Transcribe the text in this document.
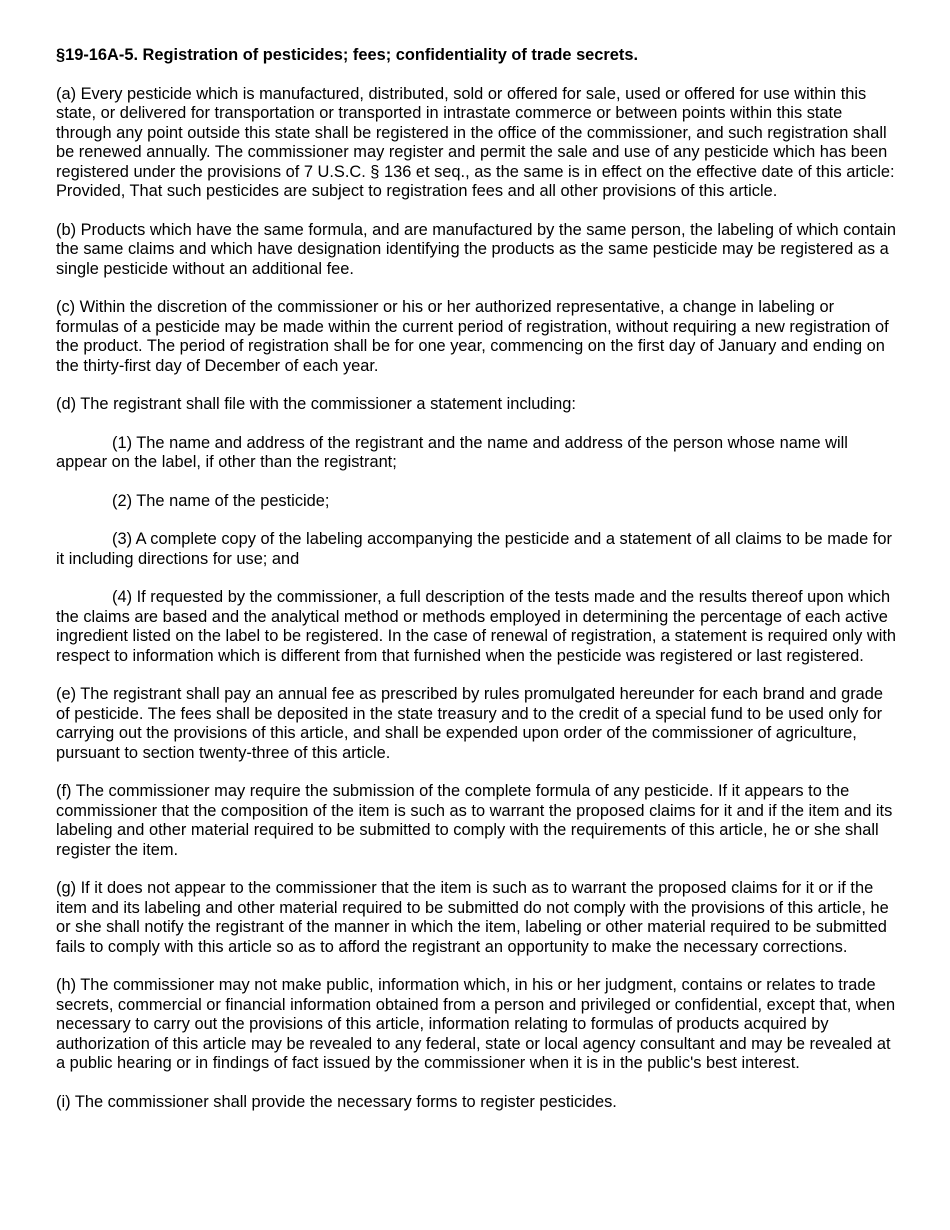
§19-16A-5. Registration of pesticides; fees; confidentiality of trade secrets.
(a) Every pesticide which is manufactured, distributed, sold or offered for sale, used or offered for use within this state, or delivered for transportation or transported in intrastate commerce or between points within this state through any point outside this state shall be registered in the office of the commissioner, and such registration shall be renewed annually. The commissioner may register and permit the sale and use of any pesticide which has been registered under the provisions of 7 U.S.C. § 136 et seq., as the same is in effect on the effective date of this article: Provided, That such pesticides are subject to registration fees and all other provisions of this article.
(b) Products which have the same formula, and are manufactured by the same person, the labeling of which contain the same claims and which have designation identifying the products as the same pesticide may be registered as a single pesticide without an additional fee.
(c) Within the discretion of the commissioner or his or her authorized representative, a change in labeling or formulas of a pesticide may be made within the current period of registration, without requiring a new registration of the product. The period of registration shall be for one year, commencing on the first day of January and ending on the thirty-first day of December of each year.
(d) The registrant shall file with the commissioner a statement including:
(1) The name and address of the registrant and the name and address of the person whose name will appear on the label, if other than the registrant;
(2) The name of the pesticide;
(3) A complete copy of the labeling accompanying the pesticide and a statement of all claims to be made for it including directions for use; and
(4) If requested by the commissioner, a full description of the tests made and the results thereof upon which the claims are based and the analytical method or methods employed in determining the percentage of each active ingredient listed on the label to be registered. In the case of renewal of registration, a statement is required only with respect to information which is different from that furnished when the pesticide was registered or last registered.
(e) The registrant shall pay an annual fee as prescribed by rules promulgated hereunder for each brand and grade of pesticide. The fees shall be deposited in the state treasury and to the credit of a special fund to be used only for carrying out the provisions of this article, and shall be expended upon order of the commissioner of agriculture, pursuant to section twenty-three of this article.
(f) The commissioner may require the submission of the complete formula of any pesticide. If it appears to the commissioner that the composition of the item is such as to warrant the proposed claims for it and if the item and its labeling and other material required to be submitted to comply with the requirements of this article, he or she shall register the item.
(g) If it does not appear to the commissioner that the item is such as to warrant the proposed claims for it or if the item and its labeling and other material required to be submitted do not comply with the provisions of this article, he or she shall notify the registrant of the manner in which the item, labeling or other material required to be submitted fails to comply with this article so as to afford the registrant an opportunity to make the necessary corrections.
(h) The commissioner may not make public, information which, in his or her judgment, contains or relates to trade secrets, commercial or financial information obtained from a person and privileged or confidential, except that, when necessary to carry out the provisions of this article, information relating to formulas of products acquired by authorization of this article may be revealed to any federal, state or local agency consultant and may be revealed at a public hearing or in findings of fact issued by the commissioner when it is in the public's best interest.
(i) The commissioner shall provide the necessary forms to register pesticides.
